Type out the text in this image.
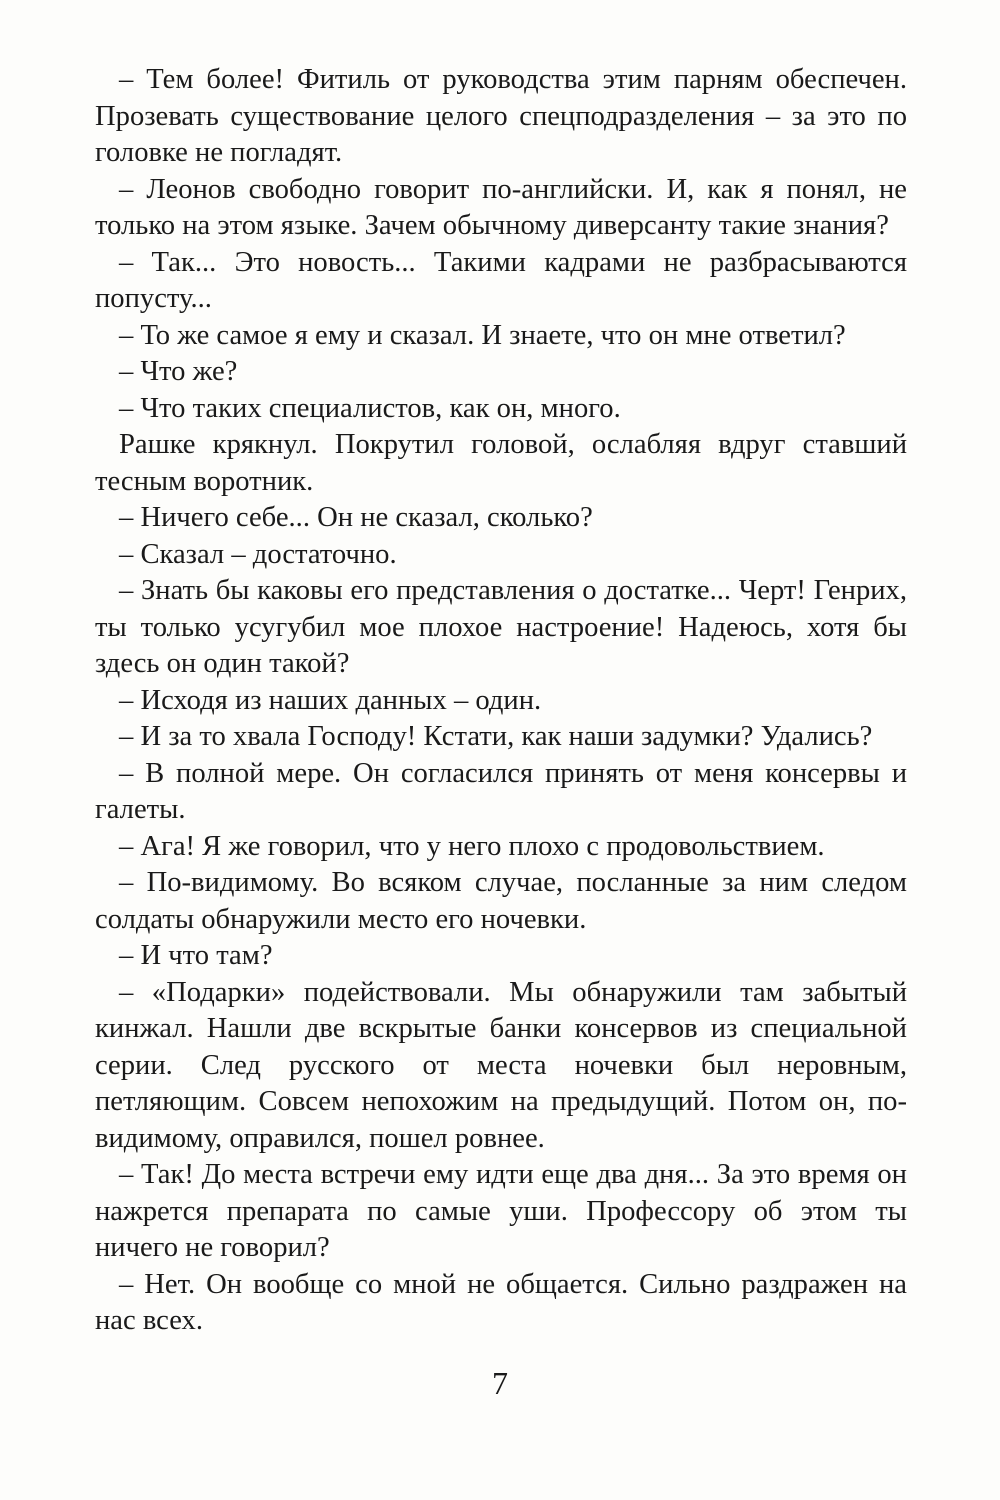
– Тем более! Фитиль от руководства этим парням обеспечен. Прозевать существование целого спецподразделения – за это по головке не погладят.

– Леонов свободно говорит по-английски. И, как я понял, не только на этом языке. Зачем обычному диверсанту такие знания?

– Так... Это новость... Такими кадрами не разбрасываются попусту...

– То же самое я ему и сказал. И знаете, что он мне ответил?

– Что же?

– Что таких специалистов, как он, много.

Рашке крякнул. Покрутил головой, ослабляя вдруг ставший тесным воротник.

– Ничего себе... Он не сказал, сколько?

– Сказал – достаточно.

– Знать бы каковы его представления о достатке... Черт! Генрих, ты только усугубил мое плохое настроение! Надеюсь, хотя бы здесь он один такой?

– Исходя из наших данных – один.

– И за то хвала Господу! Кстати, как наши задумки? Удались?

– В полной мере. Он согласился принять от меня консервы и галеты.

– Ага! Я же говорил, что у него плохо с продовольствием.

– По-видимому. Во всяком случае, посланные за ним следом солдаты обнаружили место его ночевки.

– И что там?

– «Подарки» подействовали. Мы обнаружили там забытый кинжал. Нашли две вскрытые банки консервов из специальной серии. След русского от места ночевки был неровным, петляющим. Совсем непохожим на предыдущий. Потом он, по-видимому, оправился, пошел ровнее.

– Так! До места встречи ему идти еще два дня... За это время он нажрется препарата по самые уши. Профессору об этом ты ничего не говорил?

– Нет. Он вообще со мной не общается. Сильно раздражен на нас всех.

7
